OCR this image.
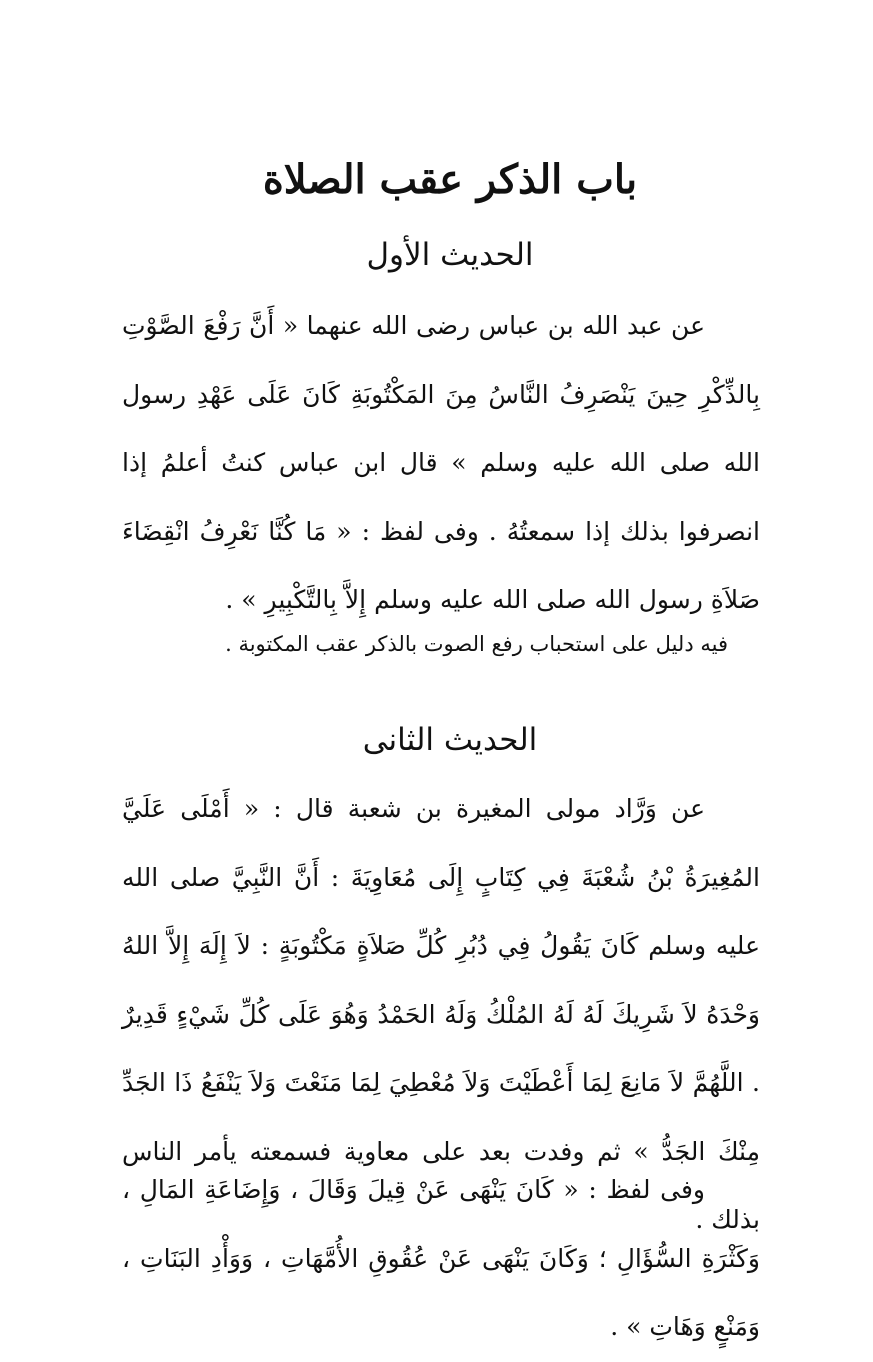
باب الذكر عقب الصلاة
الحديث الأول

عن عبد الله بن عباس رضى الله عنهما « أَنَّ رَفْعَ الصَّوْتِ بِالذِّكْرِ حِينَ يَنْصَرِفُ النَّاسُ مِنَ المَكْتُوبَةِ كَانَ عَلَى عَهْدِ رسول الله صلى الله عليه وسلم » قال ابن عباس كنتُ أعلمُ إذا انصرفوا بذلك إذا سمعتُهُ . وفى لفظ : « مَا كُنَّا نَعْرِفُ انْقِضَاءَ صَلاَةِ رسول الله صلى الله عليه وسلم إِلاَّ بِالتَّكْبِيرِ » .

فيه دليل على استحباب رفع الصوت بالذكر عقب المكتوبة .
الحديث الثانى

عن وَرَّاد مولى المغيرة بن شعبة قال : « أَمْلَى عَلَيَّ المُغِيرَةُ بْنُ شُعْبَةَ فِي كِتَابٍ إِلَى مُعَاوِيَةَ : أَنَّ النَّبِيَّ صلى الله عليه وسلم كَانَ يَقُولُ فِي دُبُرِ كُلِّ صَلاَةٍ مَكْتُوبَةٍ : لاَ إِلَهَ إِلاَّ اللهُ وَحْدَهُ لاَ شَرِيكَ لَهُ لَهُ المُلْكُ وَلَهُ الحَمْدُ وَهُوَ عَلَى كُلِّ شَيْءٍ قَدِيرٌ . اللَّهُمَّ لاَ مَانِعَ لِمَا أَعْطَيْتَ وَلاَ مُعْطِيَ لِمَا مَنَعْتَ وَلاَ يَنْفَعُ ذَا الجَدِّ مِنْكَ الجَدُّ » ثم وفدت بعد على معاوية فسمعته يأمر الناس بذلك .

وفى لفظ : « كَانَ يَنْهَى عَنْ قِيلَ وَقَالَ ، وَإِضَاعَةِ المَالِ ، وَكَثْرَةِ السُّؤَالِ ؛ وَكَانَ يَنْهَى عَنْ عُقُوقِ الأُمَّهَاتِ ، وَوَأْدِ البَنَاتِ ، وَمَنْعٍ وَهَاتِ » .
